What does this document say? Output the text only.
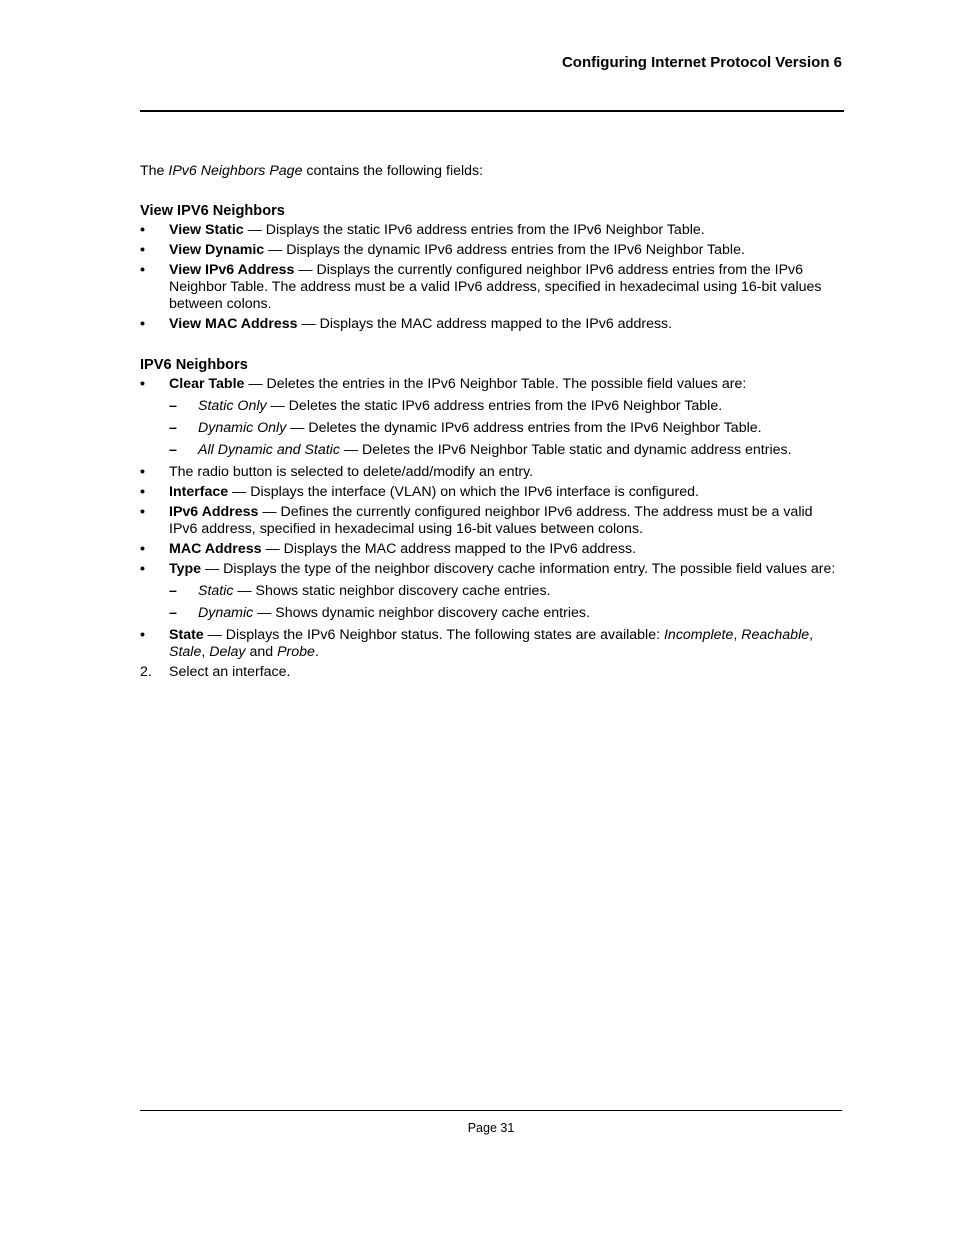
Configuring Internet Protocol Version 6

The IPv6 Neighbors Page contains the following fields:

View IPV6 Neighbors
• View Static — Displays the static IPv6 address entries from the IPv6 Neighbor Table.
• View Dynamic — Displays the dynamic IPv6 address entries from the IPv6 Neighbor Table.
• View IPv6 Address — Displays the currently configured neighbor IPv6 address entries from the IPv6 Neighbor Table. The address must be a valid IPv6 address, specified in hexadecimal using 16-bit values between colons.
• View MAC Address — Displays the MAC address mapped to the IPv6 address.
IPV6 Neighbors
• Clear Table — Deletes the entries in the IPv6 Neighbor Table. The possible field values are:
– Static Only — Deletes the static IPv6 address entries from the IPv6 Neighbor Table.
– Dynamic Only — Deletes the dynamic IPv6 address entries from the IPv6 Neighbor Table.
– All Dynamic and Static — Deletes the IPv6 Neighbor Table static and dynamic address entries.
• The radio button is selected to delete/add/modify an entry.
• Interface — Displays the interface (VLAN) on which the IPv6 interface is configured.
• IPv6 Address — Defines the currently configured neighbor IPv6 address. The address must be a valid IPv6 address, specified in hexadecimal using 16-bit values between colons.
• MAC Address — Displays the MAC address mapped to the IPv6 address.
• Type — Displays the type of the neighbor discovery cache information entry. The possible field values are:
– Static — Shows static neighbor discovery cache entries.
– Dynamic — Shows dynamic neighbor discovery cache entries.
• State — Displays the IPv6 Neighbor status. The following states are available: Incomplete, Reachable, Stale, Delay and Probe.
2. Select an interface.
Page 31
